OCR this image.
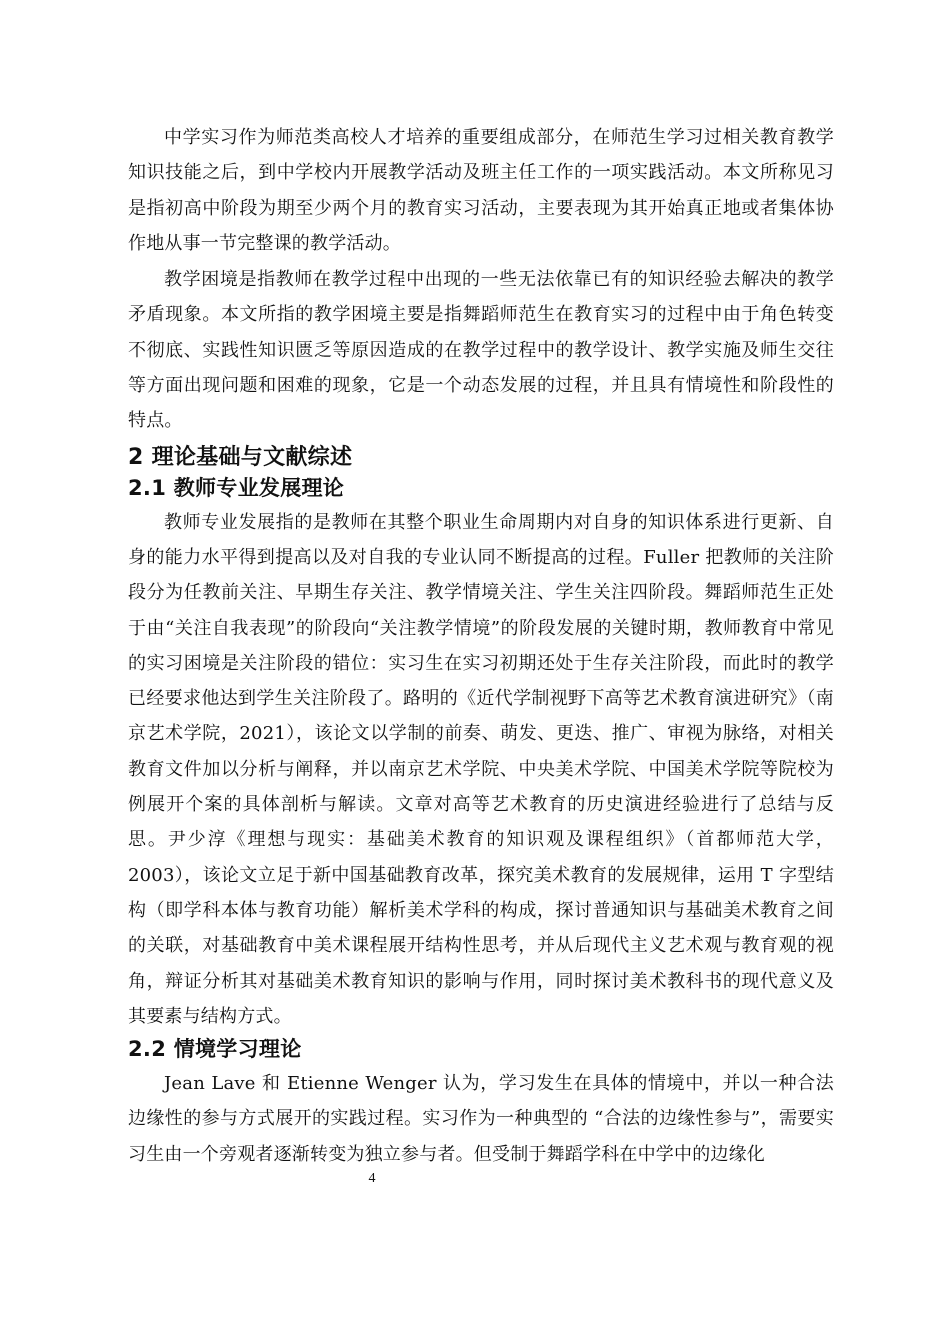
中学实习作为师范类高校人才培养的重要组成部分，在师范生学习过相关教育教学知识技能之后，到中学校内开展教学活动及班主任工作的一项实践活动。本文所称见习是指初高中阶段为期至少两个月的教育实习活动，主要表现为其开始真正地或者集体协作地从事一节完整课的教学活动。

教学困境是指教师在教学过程中出现的一些无法依靠已有的知识经验去解决的教学矛盾现象。本文所指的教学困境主要是指舞蹈师范生在教育实习的过程中由于角色转变不彻底、实践性知识匮乏等原因造成的在教学过程中的教学设计、教学实施及师生交往等方面出现问题和困难的现象，它是一个动态发展的过程，并且具有情境性和阶段性的特点。

2 理论基础与文献综述
2.1 教师专业发展理论

教师专业发展指的是教师在其整个职业生命周期内对自身的知识体系进行更新、自身的能力水平得到提高以及对自我的专业认同不断提高的过程。Fuller 把教师的关注阶段分为任教前关注、早期生存关注、教学情境关注、学生关注四阶段。舞蹈师范生正处于由“关注自我表现”的阶段向“关注教学情境”的阶段发展的关键时期，教师教育中常见的实习困境是关注阶段的错位：实习生在实习初期还处于生存关注阶段，而此时的教学已经要求他达到学生关注阶段了。路明的《近代学制视野下高等艺术教育演进研究》（南京艺术学院，2021），该论文以学制的前奏、萌发、更迭、推广、审视为脉络，对相关教育文件加以分析与阐释，并以南京艺术学院、中央美术学院、中国美术学院等院校为例展开个案的具体剖析与解读。文章对高等艺术教育的历史演进经验进行了总结与反思。尹少淳《理想与现实：基础美术教育的知识观及课程组织》（首都师范大学，2003），该论文立足于新中国基础教育改革，探究美术教育的发展规律，运用 T 字型结构（即学科本体与教育功能）解析美术学科的构成，探讨普通知识与基础美术教育之间的关联，对基础教育中美术课程展开结构性思考，并从后现代主义艺术观与教育观的视角，辩证分析其对基础美术教育知识的影响与作用，同时探讨美术教科书的现代意义及其要素与结构方式。

2.2 情境学习理论

Jean Lave 和 Etienne Wenger 认为，学习发生在具体的情境中，并以一种合法边缘性的参与方式展开的实践过程。实习作为一种典型的 “合法的边缘性参与”，需要实习生由一个旁观者逐渐转变为独立参与者。但受制于舞蹈学科在中学中的边缘化

4
